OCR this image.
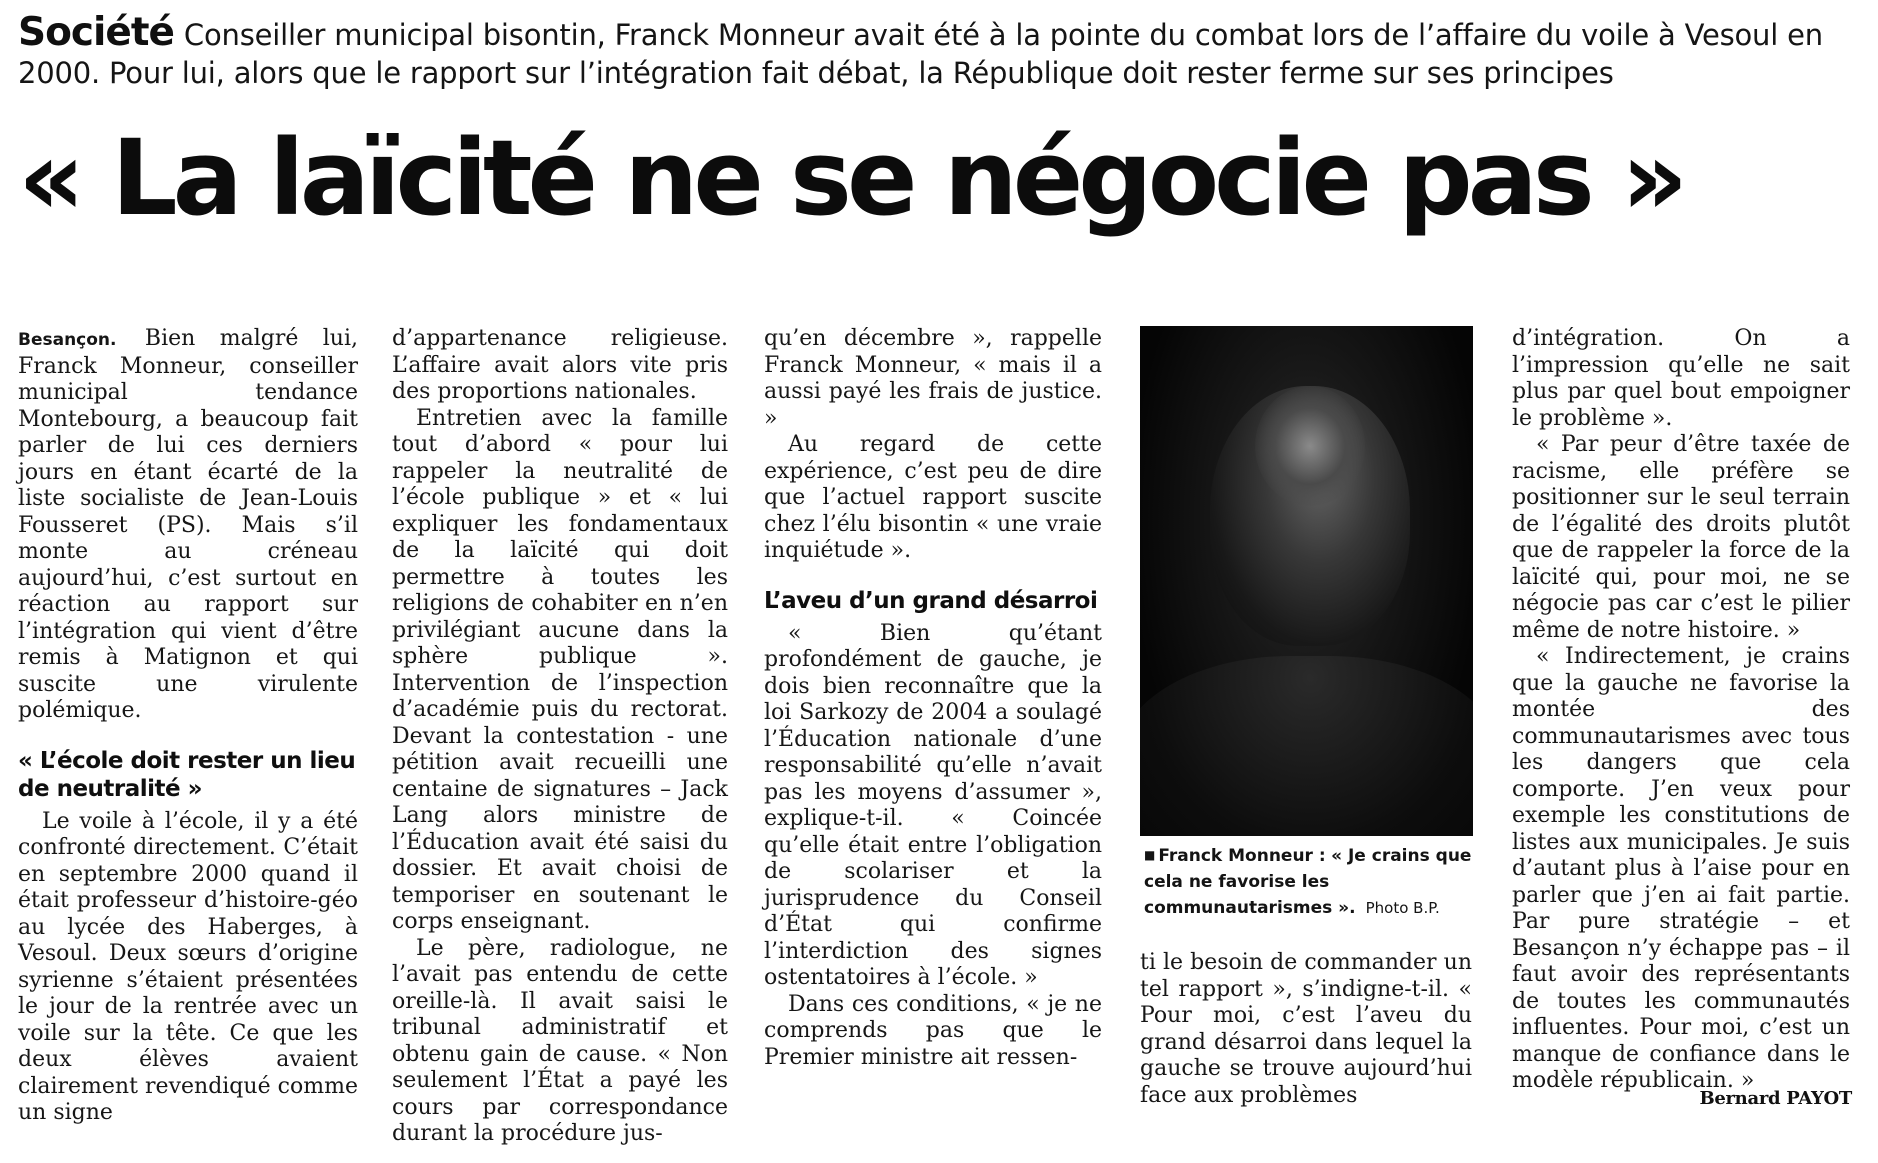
Société Conseiller municipal bisontin, Franck Monneur avait été à la pointe du combat lors de l’affaire du voile à Vesoul en 2000. Pour lui, alors que le rapport sur l’intégration fait débat, la République doit rester ferme sur ses principes
« La laïcité ne se négocie pas »

Besançon. Bien malgré lui, Franck Monneur, conseiller municipal tendance Montebourg, a beaucoup fait parler de lui ces derniers jours en étant écarté de la liste socialiste de Jean-Louis Fousseret (PS). Mais s’il monte au créneau aujourd’hui, c’est surtout en réaction au rapport sur l’intégration qui vient d’être remis à Matignon et qui suscite une virulente polémique.

« L’école doit rester un lieu de neutralité »

Le voile à l’école, il y a été confronté directement. C’était en septembre 2000 quand il était professeur d’histoire-géo au lycée des Haberges, à Vesoul. Deux sœurs d’origine syrienne s’étaient présentées le jour de la rentrée avec un voile sur la tête. Ce que les deux élèves avaient clairement revendiqué comme un signe

d’appartenance religieuse. L’affaire avait alors vite pris des proportions nationales.

Entretien avec la famille tout d’abord « pour lui rappeler la neutralité de l’école publique » et « lui expliquer les fondamentaux de la laïcité qui doit permettre à toutes les religions de cohabiter en n’en privilégiant aucune dans la sphère publique ». Intervention de l’inspection d’académie puis du rectorat. Devant la contestation - une pétition avait recueilli une centaine de signatures – Jack Lang alors ministre de l’Éducation avait été saisi du dossier. Et avait choisi de temporiser en soutenant le corps enseignant.

Le père, radiologue, ne l’avait pas entendu de cette oreille-là. Il avait saisi le tribunal administratif et obtenu gain de cause. « Non seulement l’État a payé les cours par correspondance durant la procédure jus-

qu’en décembre », rappelle Franck Monneur, « mais il a aussi payé les frais de justice. »

Au regard de cette expérience, c’est peu de dire que l’actuel rapport suscite chez l’élu bisontin « une vraie inquiétude ».

L’aveu d’un grand désarroi

« Bien qu’étant profondément de gauche, je dois bien reconnaître que la loi Sarkozy de 2004 a soulagé l’Éducation nationale d’une responsabilité qu’elle n’avait pas les moyens d’assumer », explique-t-il. « Coincée qu’elle était entre l’obligation de scolariser et la jurisprudence du Conseil d’État qui confirme l’interdiction des signes ostentatoires à l’école. »

Dans ces conditions, « je ne comprends pas que le Premier ministre ait ressen-

■ Franck Monneur : « Je crains que cela ne favorise les communautarismes ». Photo B.P.

ti le besoin de commander un tel rapport », s’indigne-t-il. « Pour moi, c’est l’aveu du grand désarroi dans lequel la gauche se trouve aujourd’hui face aux problèmes

d’intégration. On a l’impression qu’elle ne sait plus par quel bout empoigner le problème ».

« Par peur d’être taxée de racisme, elle préfère se positionner sur le seul terrain de l’égalité des droits plutôt que de rappeler la force de la laïcité qui, pour moi, ne se négocie pas car c’est le pilier même de notre histoire. »

« Indirectement, je crains que la gauche ne favorise la montée des communautarismes avec tous les dangers que cela comporte. J’en veux pour exemple les constitutions de listes aux municipales. Je suis d’autant plus à l’aise pour en parler que j’en ai fait partie. Par pure stratégie – et Besançon n’y échappe pas – il faut avoir des représentants de toutes les communautés influentes. Pour moi, c’est un manque de confiance dans le modèle républicain. »

Bernard PAYOT
